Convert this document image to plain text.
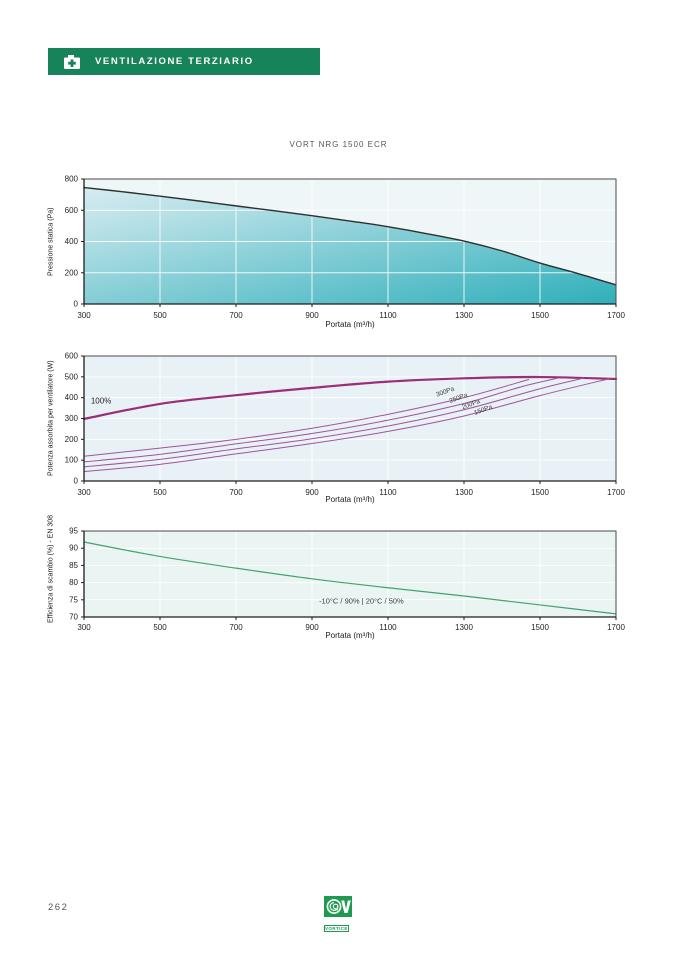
VENTILAZIONE TERZIARIO
VORT NRG 1500 ECR
Pressione statica (Pa)
300	500	700	900	1100	1300	1500	1700
0
200
400
600
800
Portata (m³/h)
Potenza assorbita per ventilatore (W)
300	500	700	900	1100	1300	1500	1700
0
100
200
300
400
500
600
100%
300Pa
250Pa
200Pa
150Pa
Portata (m³/h)
Efficienza di scambio (%) - EN 308
300	500	700	900	1100	1300	1500	1700
70
75
80
85
90
95
-10°C / 90% | 20°C / 50%
Portata (m³/h)
262
VORTICE
